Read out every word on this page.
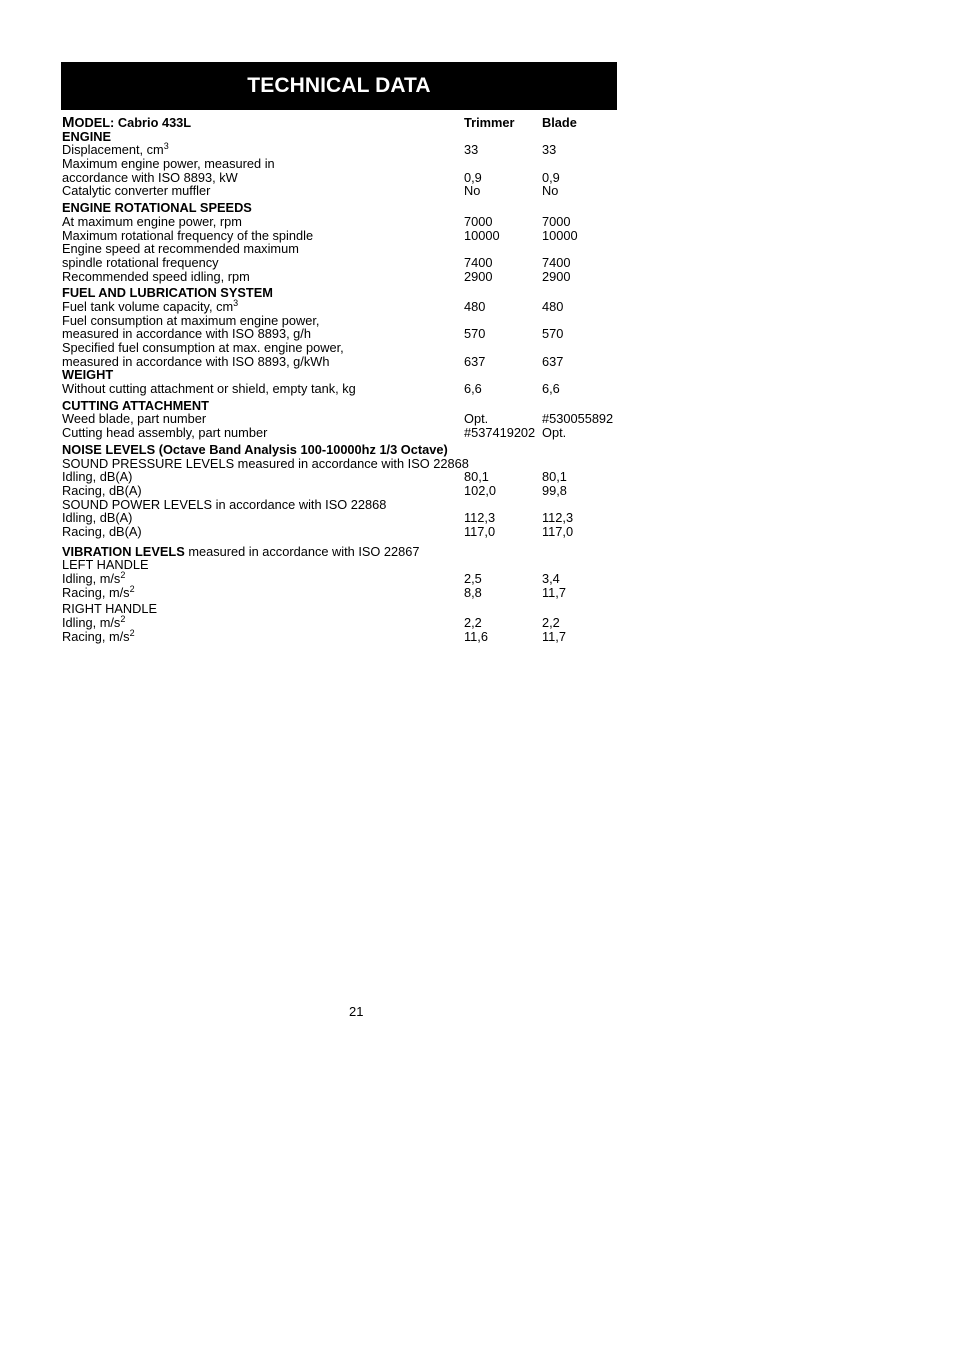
TECHNICAL DATA
MODEL: Cabrio 433L	Trimmer Blade
ENGINE
Displacement, $cm^3$	33	33
Maximum engine power, measured in
accordance with ISO 8893, kW	0,9	0,9
Catalytic converter muffler	No	No
ENGINE ROTATIONAL SPEEDS
At maximum engine power, rpm	7000	7000
Maximum rotational frequency of the spindle	10000	10000
Engine speed at recommended maximum
spindle rotational frequency	7400	7400
Recommended speed idling, rpm	2900	2900
FUEL AND LUBRICATION SYSTEM
Fuel tank volume capacity, $cm^3$	480	480
Fuel consumption at maximum engine power,
measured in accordance with ISO 8893, g/h	570	570
Specified fuel consumption at max. engine power,
measured in accordance with ISO 8893, g/kWh	637	637
WEIGHT
Without cutting attachment or shield, empty tank, kg	6,6	6,6
CUTTING ATTACHMENT
Weed blade, part number	Opt.	#530055892
Cutting head assembly, part number	#537419202 Opt.
NOISE LEVELS (Octave Band Analysis 100-10000hz 1/3 Octave)
SOUND PRESSURE LEVELS measured in accordance with ISO 22868
Idling, dB(A)	80,1	80,1
Racing, dB(A)	102,0	99,8
SOUND POWER LEVELS in accordance with ISO 22868
Idling, dB(A)	112,3	112,3
Racing, dB(A)	117,0	117,0
VIBRATION LEVELS measured in accordance with ISO 22867
LEFT HANDLE
Idling, $m/s^2$	2,5	3,4
Racing, $m/s^2$	8,8	11,7
RIGHT HANDLE
Idling, $m/s^2$	2,2	2,2
Racing, $m/s^2$	11,6	11,7
21
